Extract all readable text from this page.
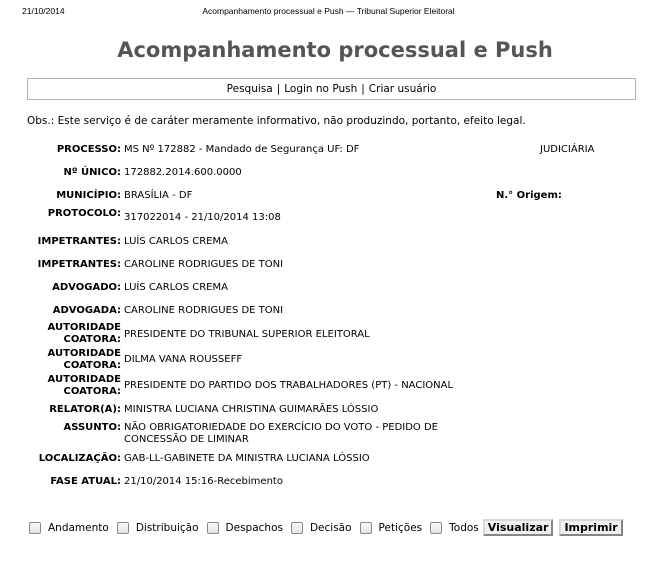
21/10/2014	Acompanhamento processual e Push — Tribunal Superior Eleitoral
Acompanhamento processual e Push
Pesquisa | Login no Push | Criar usuário
Obs.: Este serviço é de caráter meramente informativo, não produzindo, portanto, efeito legal.
PROCESSO: MS Nº 172882 - Mandado de Segurança UF: DF	JUDICIÁRIA
Nº ÚNICO: 172882.2014.600.0000
MUNICÍPIO: BRASÍLIA - DF	N.° Origem:
PROTOCOLO: 317022014 - 21/10/2014 13:08
IMPETRANTES: LUÍS CARLOS CREMA
IMPETRANTES: CAROLINE RODRIGUES DE TONI
ADVOGADO: LUÍS CARLOS CREMA
ADVOGADA: CAROLINE RODRIGUES DE TONI
AUTORIDADE
COATORA: PRESIDENTE DO TRIBUNAL SUPERIOR ELEITORAL
AUTORIDADE
COATORA:
DILMA VANA ROUSSEFF
AUTORIDADE
COATORA:
PRESIDENTE DO PARTIDO DOS TRABALHADORES (PT) - NACIONAL
RELATOR(A): MINISTRA LUCIANA CHRISTINA GUIMARÃES LÓSSIO
ASSUNTO: NÃO OBRIGATORIEDADE DO EXERCÍCIO DO VOTO - PEDIDO DE CONCESSÃO DE LIMINAR
LOCALIZAÇÃO: GAB-LL-GABINETE DA MINISTRA LUCIANA LÓSSIO
FASE ATUAL: 21/10/2014 15:16-Recebimento
Andamento	Distribuição	Despachos	Decisão	Petições	Todos Visualizar	Imprimir
